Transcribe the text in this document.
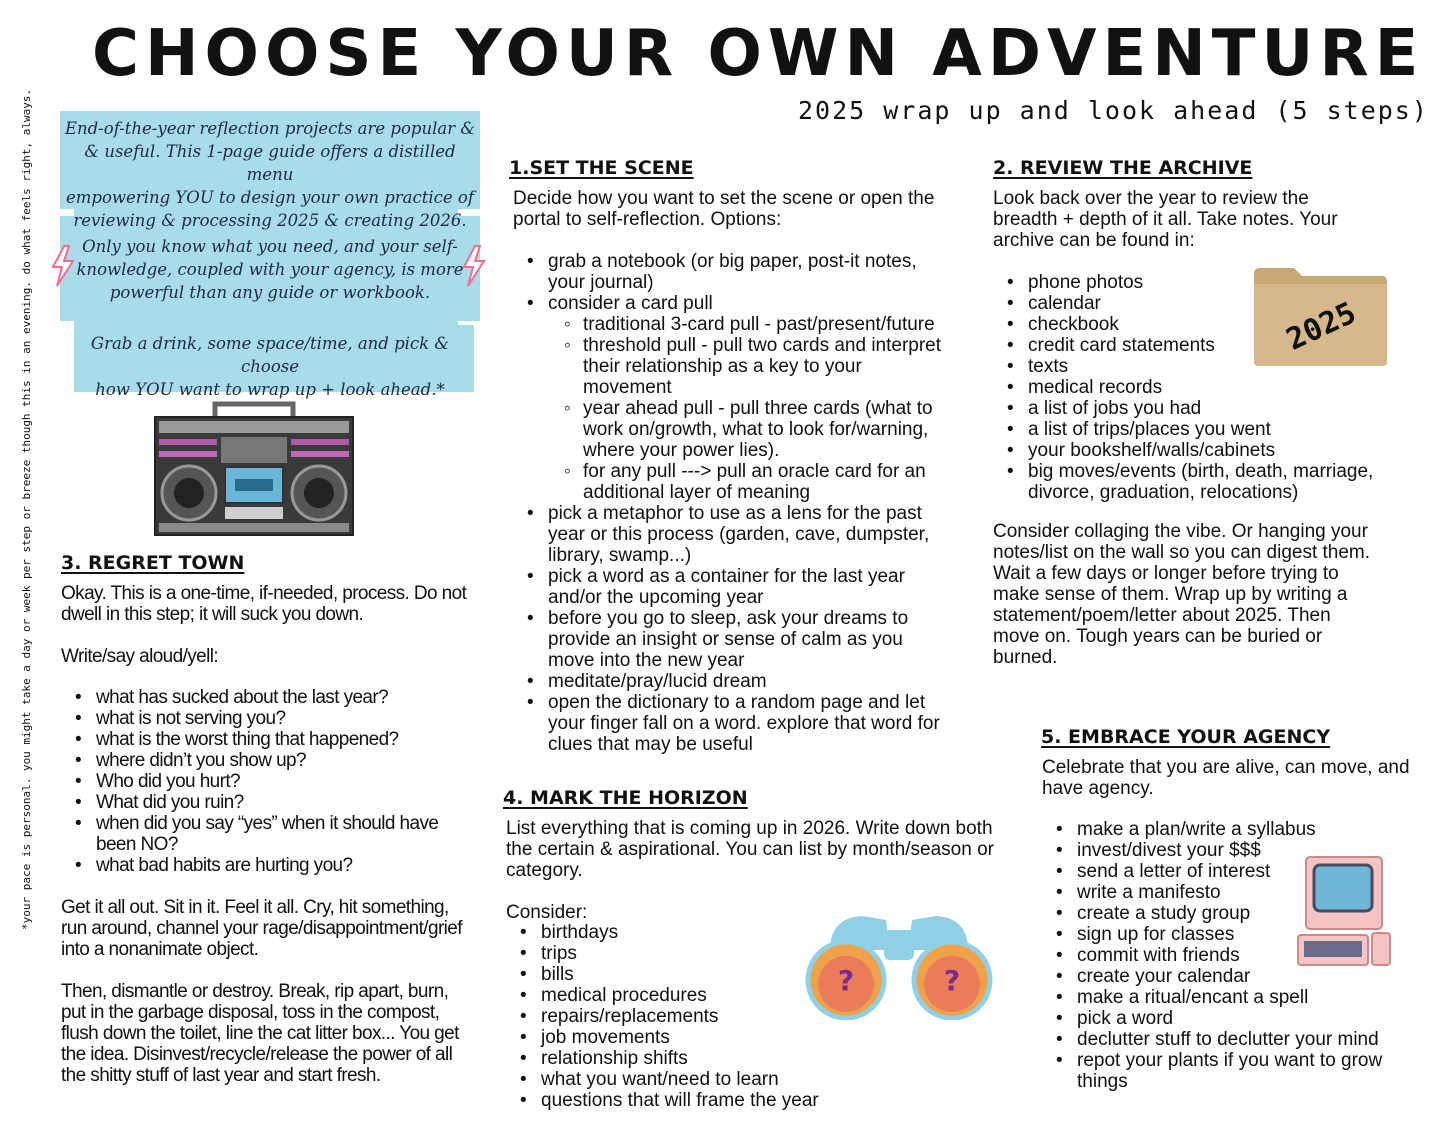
CHOOSE YOUR OWN ADVENTURE
2025 wrap up and look ahead (5 steps)
*your pace is personal. you might take a day or week per step or breeze though this in an evening. do what feels right, always.	End-of-the-year reflection projects are popular &
& useful. This 1-page guide offers a distilled menu
empowering YOU to design your own practice of
reviewing & processing 2025 & creating 2026.
Only you know what you need, and your self-
knowledge, coupled with your agency, is more
powerful than any guide or workbook.
Grab a drink, some space/time, and pick & choose
how YOU want to wrap up + look ahead.*
1.SET THE SCENE

Decide how you want to set the scene or open the
portal to self-reflection. Options:

• grab a notebook (or big paper, post-it notes,
your journal)
• consider a card pull
◦ traditional 3-card pull - past/present/future
◦ threshold pull - pull two cards and interpret
their relationship as a key to your
movement
◦ year ahead pull - pull three cards (what to
work on/growth, what to look for/warning,
where your power lies).
◦ for any pull ---> pull an oracle card for an
additional layer of meaning
• pick a metaphor to use as a lens for the past
year or this process (garden, cave, dumpster,
library, swamp...)
• pick a word as a container for the last year
and/or the upcoming year
• before you go to sleep, ask your dreams to
provide an insight or sense of calm as you
move into the new year
• meditate/pray/lucid dream
• open the dictionary to a random page and let
your finger fall on a word. explore that word for
clues that may be useful
2. REVIEW THE ARCHIVE

Look back over the year to review the
breadth + depth of it all. Take notes. Your
archive can be found in:

• phone photos
• calendar
• checkbook
• credit card statements
• texts
• medical records
• a list of jobs you had
• a list of trips/places you went
• your bookshelf/walls/cabinets
• big moves/events (birth, death, marriage,
divorce, graduation, relocations)
2025

Consider collaging the vibe. Or hanging your
notes/list on the wall so you can digest them.
Wait a few days or longer before trying to
make sense of them. Wrap up by writing a
statement/poem/letter about 2025. Then
move on. Tough years can be buried or
burned.

3. REGRET TOWN

Okay. This is a one-time, if-needed, process. Do not
dwell in this step; it will suck you down.

Write/say aloud/yell:

• what has sucked about the last year?
• what is not serving you?
• what is the worst thing that happened?
• where didn’t you show up?
• Who did you hurt?
• What did you ruin?
• when did you say “yes” when it should have
been NO?
• what bad habits are hurting you?

Get it all out. Sit in it. Feel it all. Cry, hit something,
run around, channel your rage/disappointment/grief
into a nonanimate object.

Then, dismantle or destroy. Break, rip apart, burn,
put in the garbage disposal, toss in the compost,
flush down the toilet, line the cat litter box... You get
the idea. Disinvest/recycle/release the power of all
the shitty stuff of last year and start fresh.

4. MARK THE HORIZON

List everything that is coming up in 2026. Write down both
the certain & aspirational. You can list by month/season or
category.

Consider:

• birthdays
• trips
• bills
• medical procedures
• repairs/replacements
• job movements
• relationship shifts
• what you want/need to learn
• questions that will frame the year
?	?
5. EMBRACE YOUR AGENCY

Celebrate that you are alive, can move, and
have agency.

• make a plan/write a syllabus
• invest/divest your $$$
• send a letter of interest
• write a manifesto
• create a study group
• sign up for classes
• commit with friends
• create your calendar
• make a ritual/encant a spell
• pick a word
• declutter stuff to declutter your mind
• repot your plants if you want to grow
things
